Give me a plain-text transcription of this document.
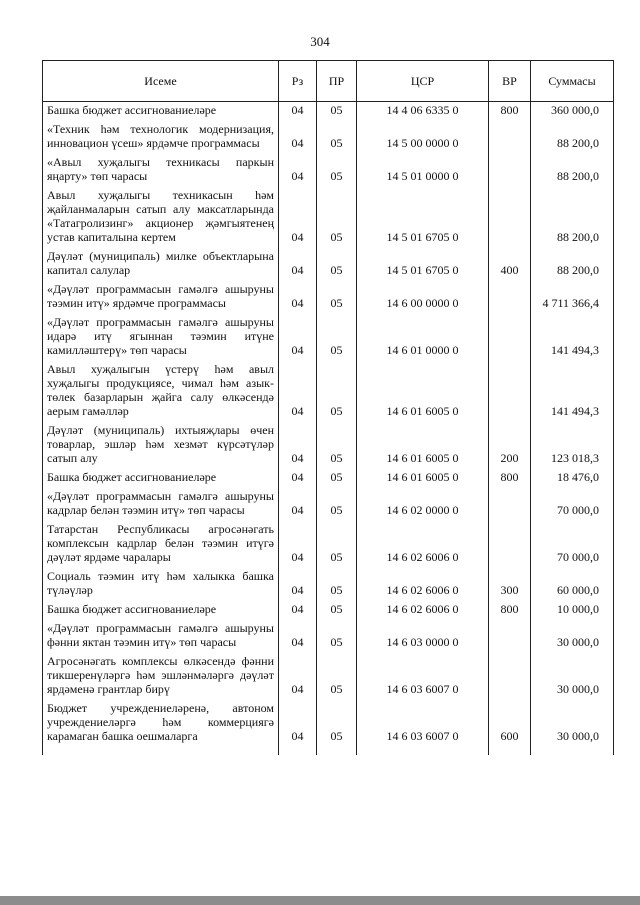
304
Исеме	Рз	ПР	ЦСР	ВР	Суммасы
Башка бюджет ассигнованиеләре	04	05	14 4 06 6335 0	800	360 000,0
«Техник һәм технологик модернизация, инновацион үсеш» ярдәмче программасы	04	05	14 5 00 0000 0		88 200,0
«Авыл хуҗалыгы техникасы паркын яңарту» төп чарасы	04	05	14 5 01 0000 0		88 200,0
Авыл хуҗалыгы техникасын һәм җайланмаларын сатып алу максатларында «Татагролизинг» акционер җәмгыятенең устав капиталына кертем	04	05	14 5 01 6705 0		88 200,0
Дәүләт (муниципаль) милке объектларына капитал салулар	04	05	14 5 01 6705 0	400	88 200,0
«Дәүләт программасын гамәлгә ашыруны тәэмин итү» ярдәмче программасы	04	05	14 6 00 0000 0		4 711 366,4
«Дәүләт программасын гамәлгә ашыруны идарә итү ягыннан тәэмин итүне камилләштерү» төп чарасы	04	05	14 6 01 0000 0		141 494,3
Авыл хуҗалыгын үстерү һәм авыл хуҗалыгы продукциясе, чимал һәм азык-төлек базарларын җайга салу өлкәсендә аерым гамәлләр	04	05	14 6 01 6005 0		141 494,3
Дәүләт (муниципаль) ихтыяҗлары өчен товарлар, эшләр һәм хезмәт күрсәтүләр сатып алу	04	05	14 6 01 6005 0	200	123 018,3
Башка бюджет ассигнованиеләре	04	05	14 6 01 6005 0	800	18 476,0
«Дәүләт программасын гамәлгә ашыруны кадрлар белән тәэмин итү» төп чарасы	04	05	14 6 02 0000 0		70 000,0
Татарстан Республикасы агросәнәгать комплексын кадрлар белән тәэмин итүгә дәүләт ярдәме чаралары	04	05	14 6 02 6006 0		70 000,0
Социаль тәэмин итү һәм халыкка башка түләүләр	04	05	14 6 02 6006 0	300	60 000,0
Башка бюджет ассигнованиеләре	04	05	14 6 02 6006 0	800	10 000,0
«Дәүләт программасын гамәлгә ашыруны фәнни яктан тәэмин итү» төп чарасы	04	05	14 6 03 0000 0		30 000,0
Агросәнәгать комплексы өлкәсендә фәнни тикшеренүләргә һәм эшләнмәләргә дәүләт ярдәменә грантлар бирү	04	05	14 6 03 6007 0		30 000,0
Бюджет учреждениеләренә, автоном учреждениеләргә һәм коммерциягә карамаган башка оешмаларга	04	05	14 6 03 6007 0	600	30 000,0
